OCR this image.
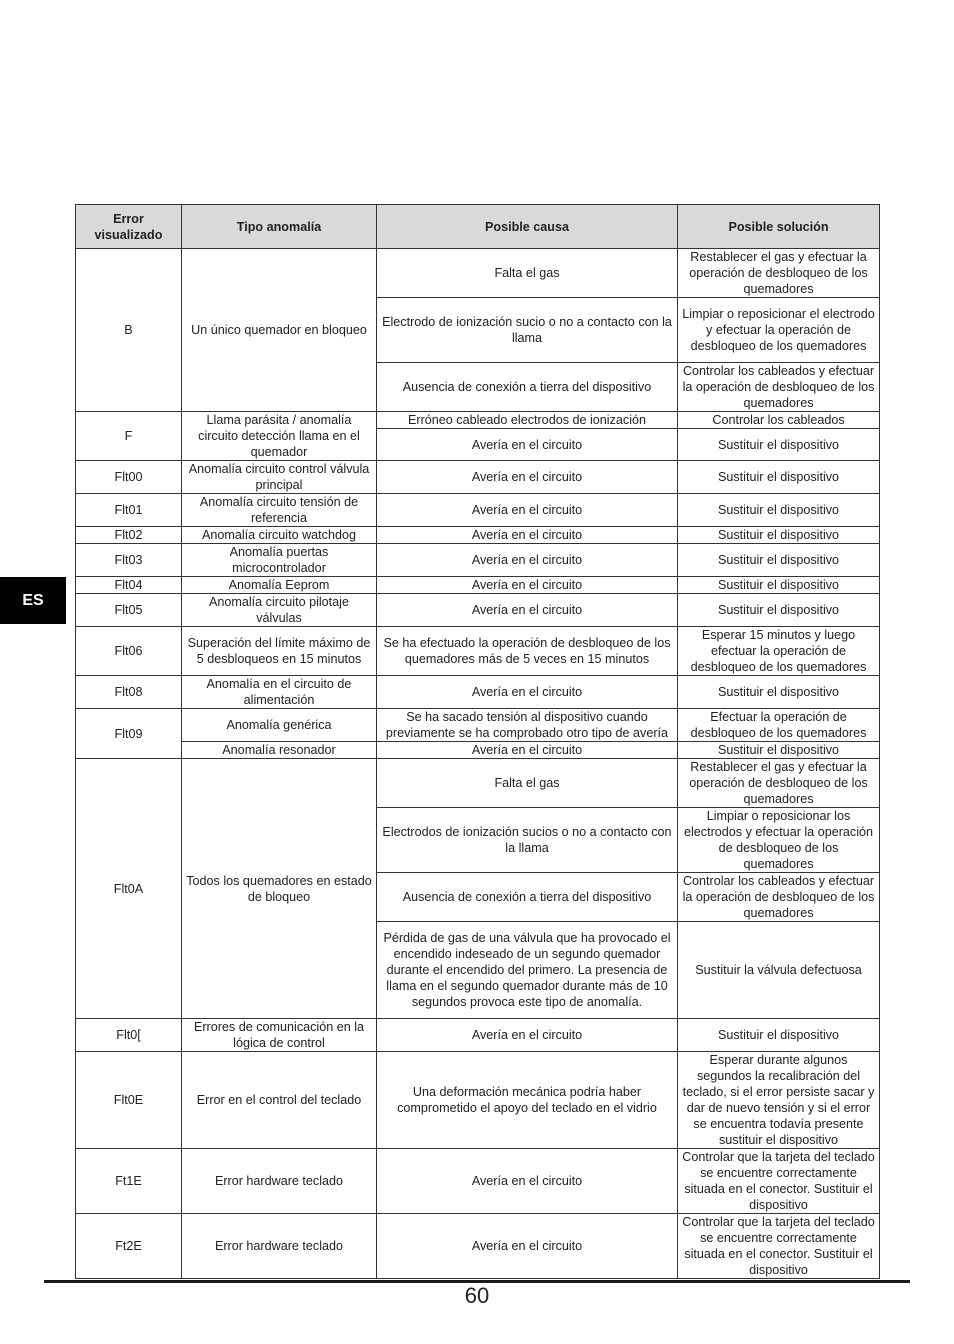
Error visualizado	Tipo anomalía	Posible causa	Posible solución
B	Un único quemador en bloqueo	Falta el gas	Restablecer el gas y efectuar la operación de desbloqueo de los quemadores
		Electrodo de ionización sucio o no a contacto con la llama	Limpiar o reposicionar el electrodo y efectuar la operación de desbloqueo de los quemadores
		Ausencia de conexión a tierra del dispositivo	Controlar los cableados y efectuar la operación de desbloqueo de los quemadores
F	Llama parásita / anomalía circuito detección llama en el quemador	Erróneo cableado electrodos de ionización	Controlar los cableados
		Avería en el circuito	Sustituir el dispositivo
Flt00	Anomalía circuito control válvula principal	Avería en el circuito	Sustituir el dispositivo
Flt01	Anomalía circuito tensión de referencia	Avería en el circuito	Sustituir el dispositivo
Flt02	Anomalía circuito watchdog	Avería en el circuito	Sustituir el dispositivo
Flt03	Anomalía puertas microcontrolador	Avería en el circuito	Sustituir el dispositivo
Flt04	Anomalía Eeprom	Avería en el circuito	Sustituir el dispositivo
Flt05	Anomalía circuito pilotaje válvulas	Avería en el circuito	Sustituir el dispositivo
Flt06	Superación del límite máximo de 5 desbloqueos en 15 minutos	Se ha efectuado la operación de desbloqueo de los quemadores más de 5 veces en 15 minutos	Esperar 15 minutos y luego efectuar la operación de desbloqueo de los quemadores
Flt08	Anomalía en el circuito de alimentación	Avería en el circuito	Sustituir el dispositivo
Flt09	Anomalía genérica	Se ha sacado tensión al dispositivo cuando previamente se ha comprobado otro tipo de avería	Efectuar la operación de desbloqueo de los quemadores
	Anomalía resonador	Avería en el circuito	Sustituir el dispositivo
Flt0A	Todos los quemadores en estado de bloqueo	Falta el gas	Restablecer el gas y efectuar la operación de desbloqueo de los quemadores
		Electrodos de ionización sucios o no a contacto con la llama	Limpiar o reposicionar los electrodos y efectuar la operación de desbloqueo de los quemadores
		Ausencia de conexión a tierra del dispositivo	Controlar los cableados y efectuar la operación de desbloqueo de los quemadores
		Pérdida de gas de una válvula que ha provocado el encendido indeseado de un segundo quemador durante el encendido del primero. La presencia de llama en el segundo quemador durante más de 10 segundos provoca este tipo de anomalía.	Sustituir la válvula defectuosa
Flt0[	Errores de comunicación en la lógica de control	Avería en el circuito	Sustituir el dispositivo
Flt0E	Error en el control del teclado	Una deformación mecánica podría haber comprometido el apoyo del teclado en el vidrio	Esperar durante algunos segundos la recalibración del teclado, si el error persiste sacar y dar de nuevo tensión y si el error se encuentra todavía presente sustituir el dispositivo
Ft1E	Error hardware teclado	Avería en el circuito	Controlar que la tarjeta del teclado se encuentre correctamente situada en el conector. Sustituir el dispositivo
Ft2E	Error hardware teclado	Avería en el circuito	Controlar que la tarjeta del teclado se encuentre correctamente situada en el conector. Sustituir el dispositivo
ES
60
